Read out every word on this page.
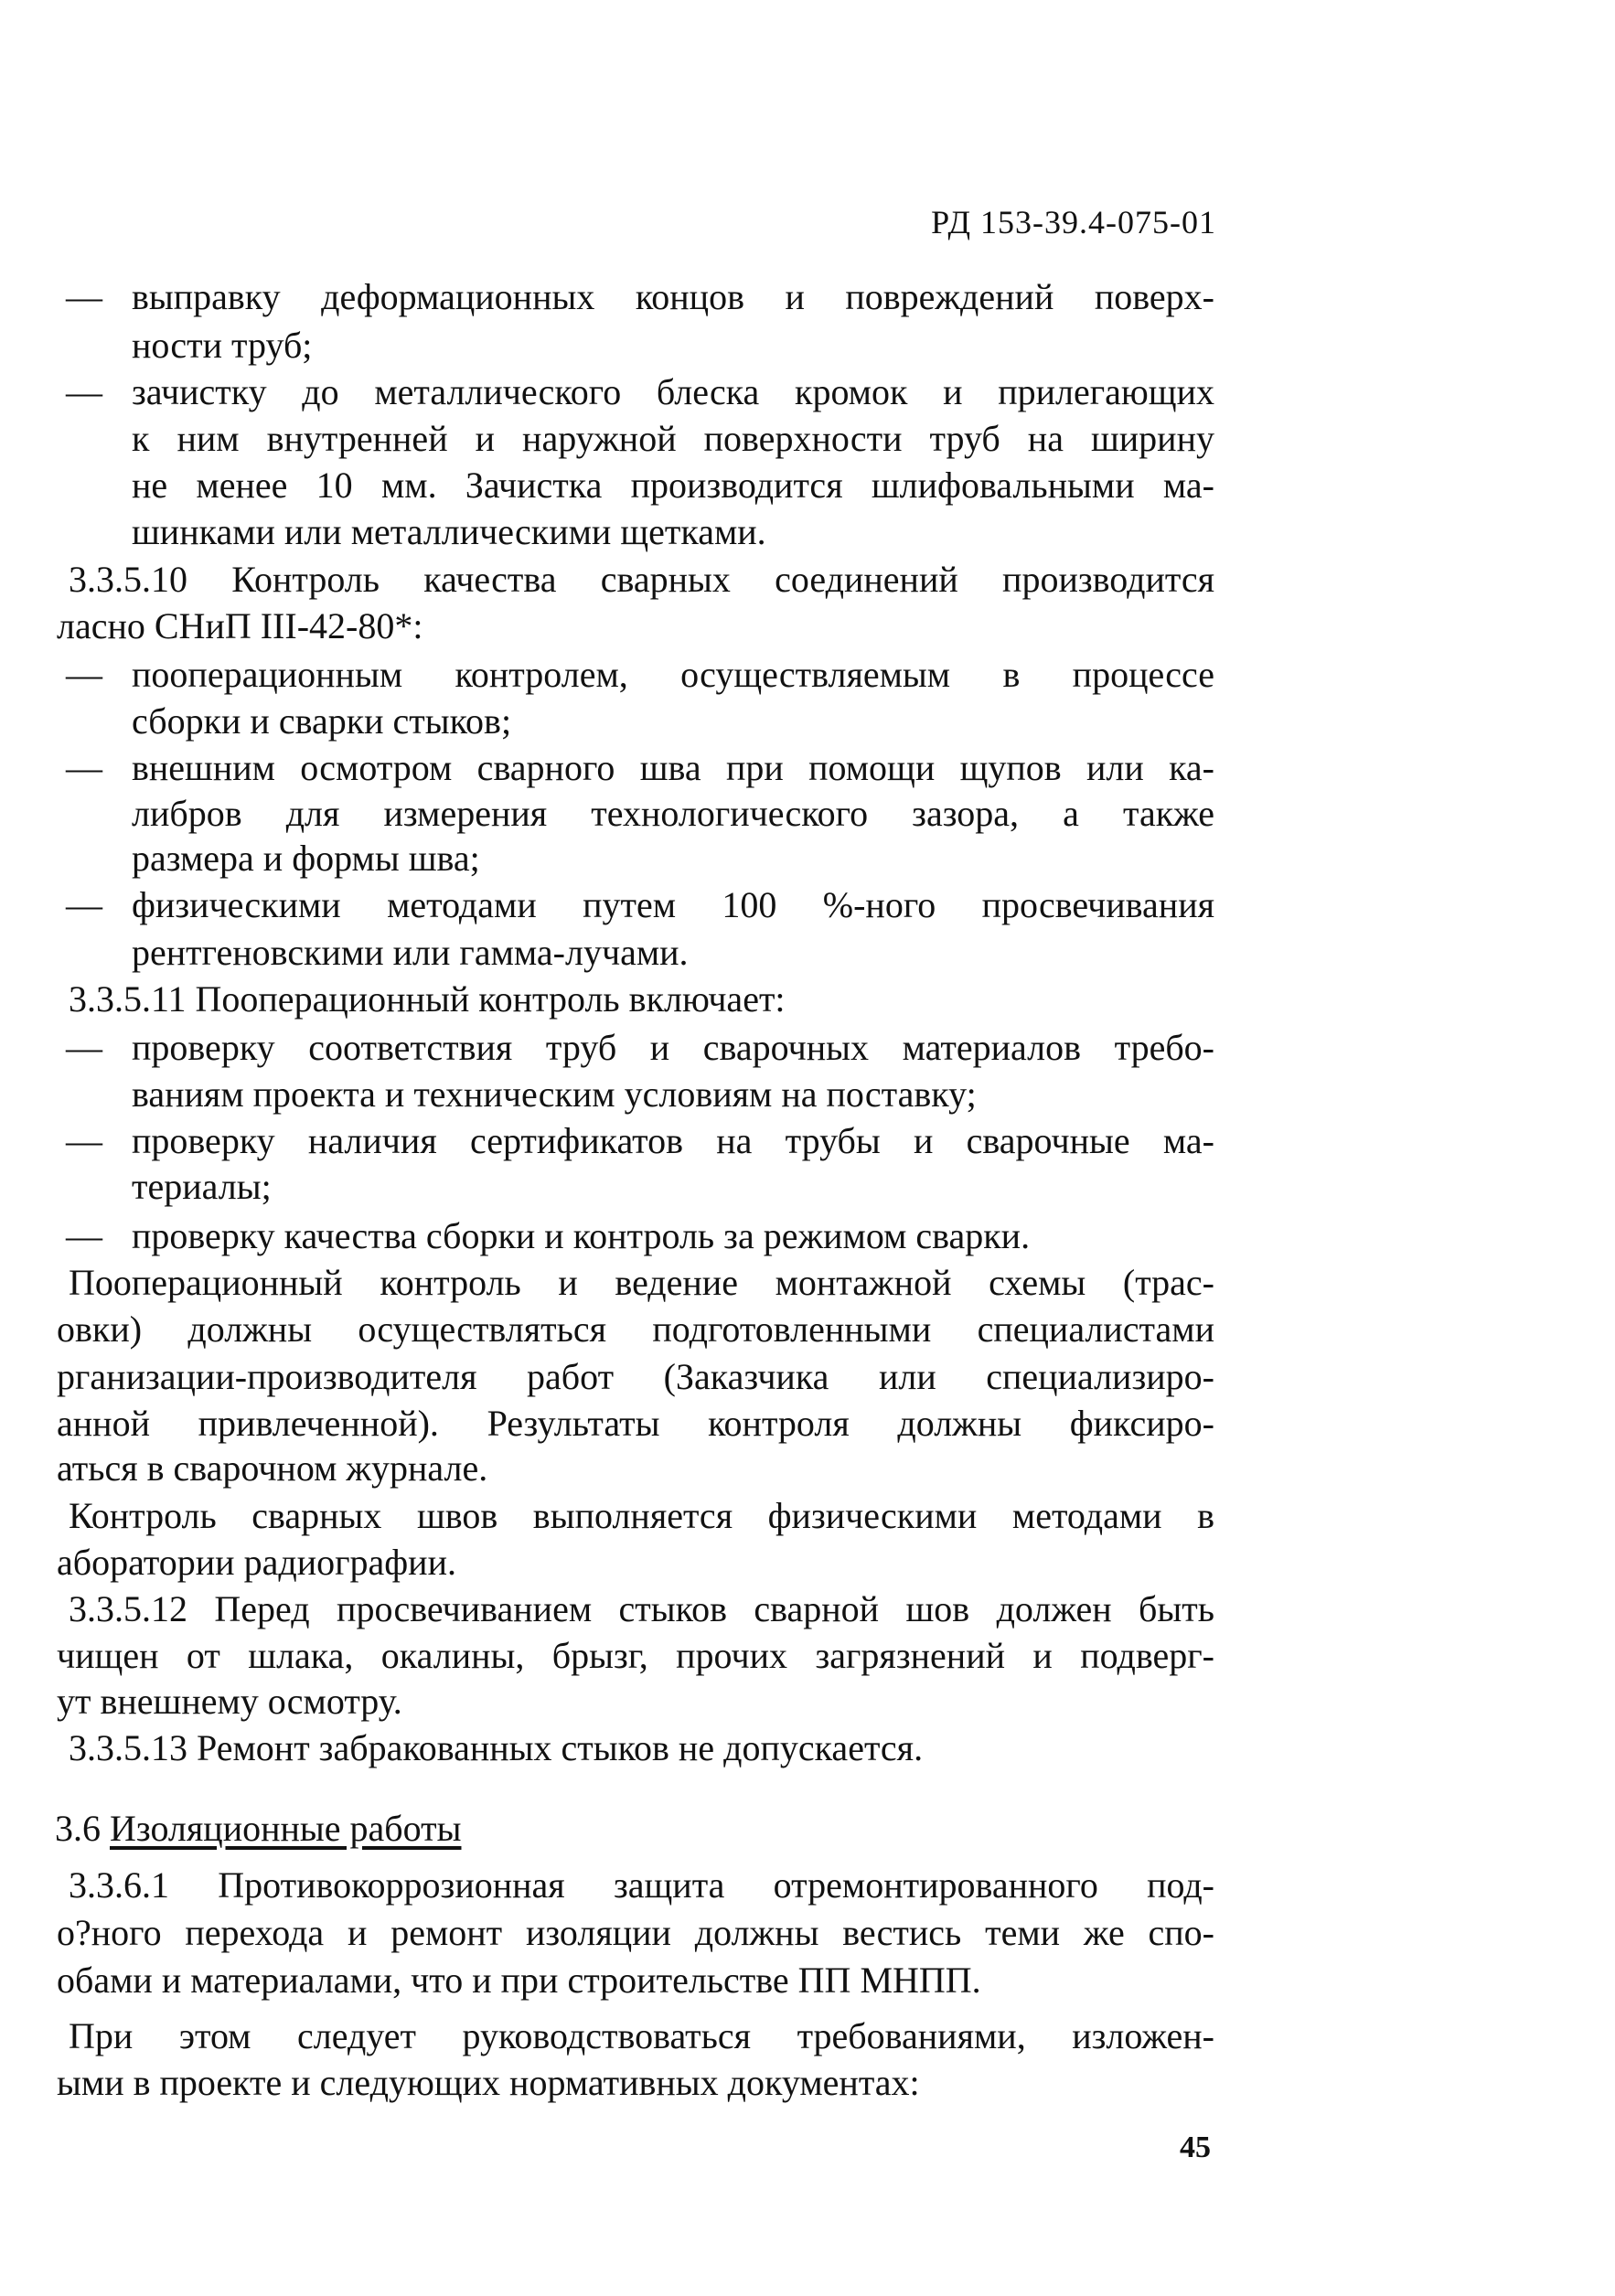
РД 153-39.4-075-01
— выправку деформационных концов и повреждений поверх-
ности труб;
— зачистку до металлического блеска кромок и прилегающих
к ним внутренней и наружной поверхности труб на ширину
не менее 10 мм. Зачистка производится шлифовальными ма-
шинками или металлическими щетками.
3.3.5.10 Контроль качества сварных соединений производится
ласно СНиП III-42-80*:
— пооперационным контролем, осуществляемым в процессе
сборки и сварки стыков;
— внешним осмотром сварного шва при помощи щупов или ка-
либров для измерения технологического зазора, а также
размера и формы шва;
— физическими методами путем 100 %-ного просвечивания
рентгеновскими или гамма-лучами.
3.3.5.11 Пооперационный контроль включает:
— проверку соответствия труб и сварочных материалов требо-
ваниям проекта и техническим условиям на поставку;
— проверку наличия сертификатов на трубы и сварочные ма-
териалы;
— проверку качества сборки и контроль за режимом сварки.
Пооперационный контроль и ведение монтажной схемы (трас-
овки) должны осуществляться подготовленными специалистами
рганизации-производителя работ (Заказчика или специализиро-
анной привлеченной). Результаты контроля должны фиксиро-
аться в сварочном журнале.
Контроль сварных швов выполняется физическими методами в
аборатории радиографии.
3.3.5.12 Перед просвечиванием стыков сварной шов должен быть
чищен от шлака, окалины, брызг, прочих загрязнений и подверг-
ут внешнему осмотру.
3.3.5.13 Ремонт забракованных стыков не допускается.
3.3.6.1 Противокоррозионная защита отремонтированного под-
о?ного перехода и ремонт изоляции должны вестись теми же спо-
обами и материалами, что и при строительстве ПП МНПП.
При этом следует руководствоваться требованиями, изложен-
ыми в проекте и следующих нормативных документах:
3.6 Изоляционные работы
45
